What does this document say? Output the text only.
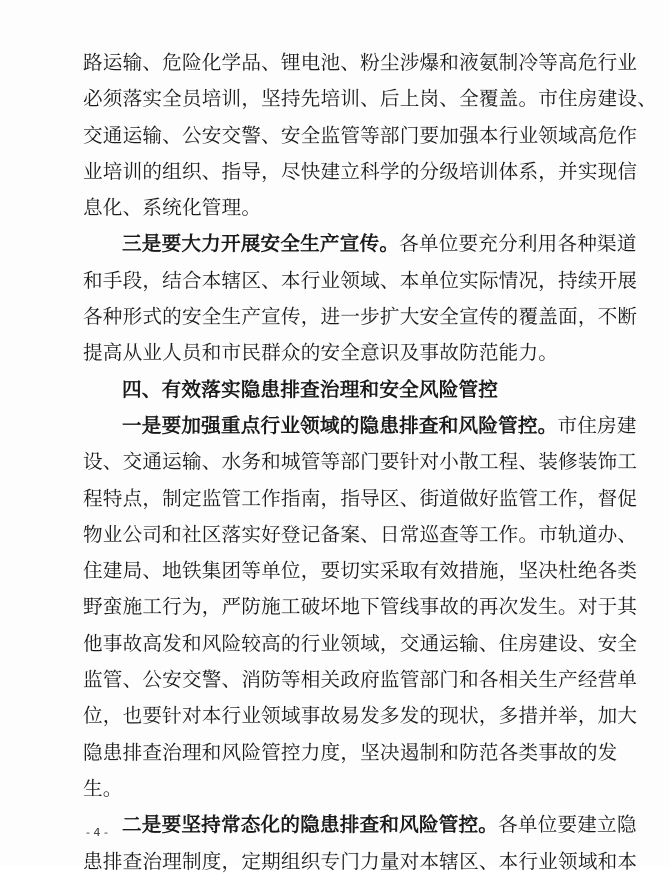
路运输、危险化学品、锂电池、粉尘涉爆和液氨制冷等高危行业
必须落实全员培训，坚持先培训、后上岗、全覆盖。市住房建设、
交通运输、公安交警、安全监管等部门要加强本行业领域高危作
业培训的组织、指导，尽快建立科学的分级培训体系，并实现信
息化、系统化管理。
三是要大力开展安全生产宣传。各单位要充分利用各种渠道
和手段，结合本辖区、本行业领域、本单位实际情况，持续开展
各种形式的安全生产宣传，进一步扩大安全宣传的覆盖面，不断
提高从业人员和市民群众的安全意识及事故防范能力。
四、有效落实隐患排查治理和安全风险管控
一是要加强重点行业领域的隐患排查和风险管控。市住房建
设、交通运输、水务和城管等部门要针对小散工程、装修装饰工
程特点，制定监管工作指南，指导区、街道做好监管工作，督促
物业公司和社区落实好登记备案、日常巡查等工作。市轨道办、
住建局、地铁集团等单位，要切实采取有效措施，坚决杜绝各类
野蛮施工行为，严防施工破坏地下管线事故的再次发生。对于其
他事故高发和风险较高的行业领域，交通运输、住房建设、安全
监管、公安交警、消防等相关政府监管部门和各相关生产经营单
位，也要针对本行业领域事故易发多发的现状，多措并举，加大
隐患排查治理和风险管控力度，坚决遏制和防范各类事故的发
生。
二是要坚持常态化的隐患排查和风险管控。各单位要建立隐
患排查治理制度，定期组织专门力量对本辖区、本行业领域和本
- 4 -
